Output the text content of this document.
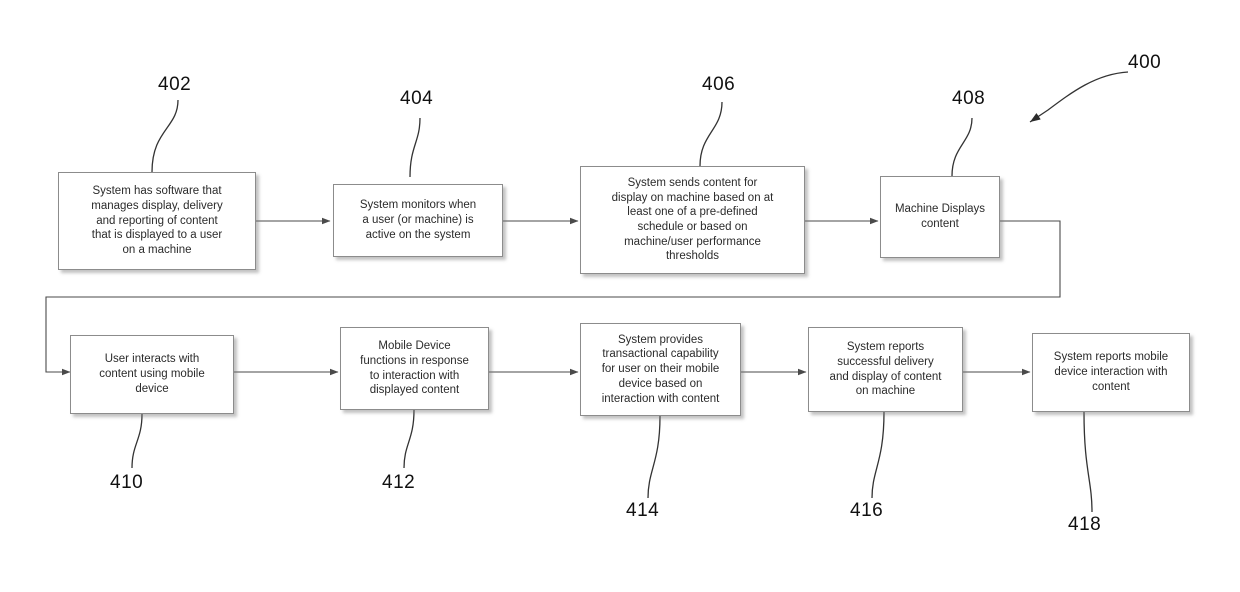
System has software that
manages display, delivery
and reporting of content
that is displayed to a user
on a machine
System monitors when
a user (or machine) is
active on the system
System sends content for
display on machine based on at
least one of a pre-defined
schedule or based on
machine/user performance
thresholds
Machine Displays
content
User interacts with
content using mobile
device
Mobile Device
functions in response
to interaction with
displayed content
System provides
transactional capability
for user on their mobile
device based on
interaction with content
System reports
successful delivery
and display of content
on machine
System reports mobile
device interaction with
content
400
402
404
406
408
410	412
414	416
418
